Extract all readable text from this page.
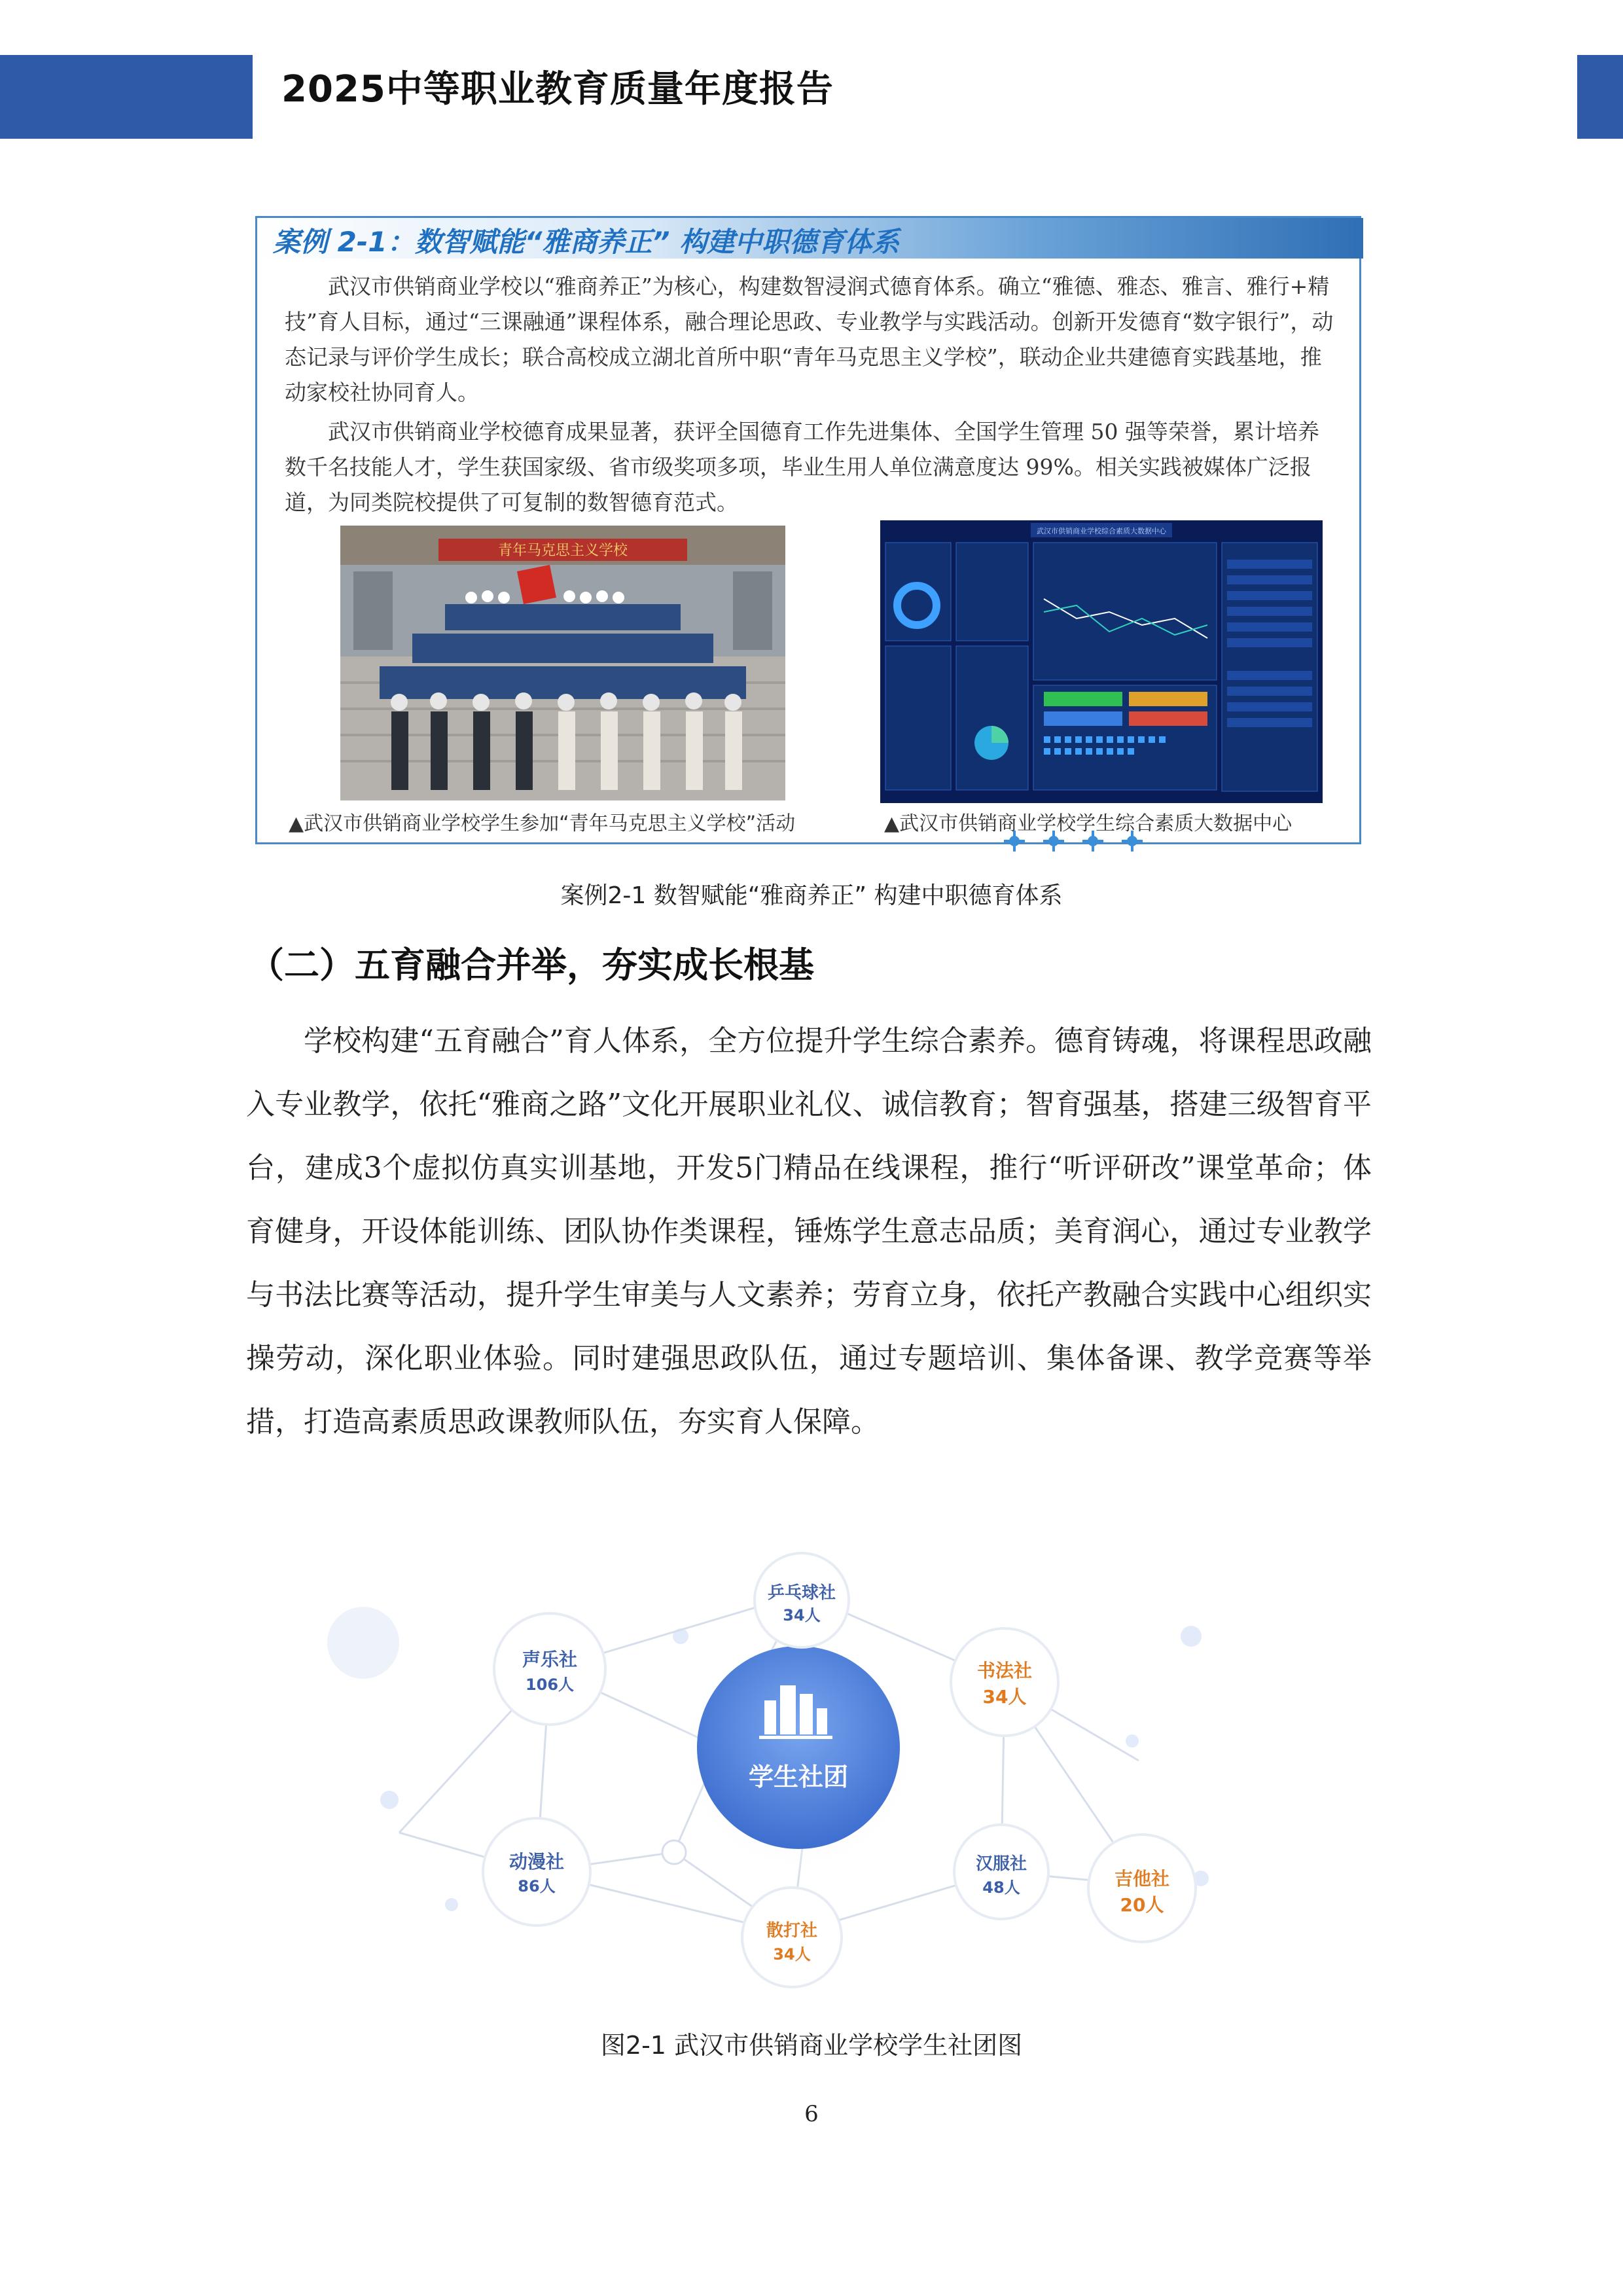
2025中等职业教育质量年度报告
案例 2-1：数智赋能“雅商养正” 构建中职德育体系

武汉市供销商业学校以“雅商养正”为核心，构建数智浸润式德育体系。确立“雅德、雅态、雅言、雅行+精技”育人目标，通过“三课融通”课程体系，融合理论思政、专业教学与实践活动。创新开发德育“数字银行”，动态记录与评价学生成长；联合高校成立湖北首所中职“青年马克思主义学校”，联动企业共建德育实践基地，推动家校社协同育人。

武汉市供销商业学校德育成果显著，获评全国德育工作先进集体、全国学生管理 50 强等荣誉，累计培养数千名技能人才，学生获国家级、省市级奖项多项，毕业生用人单位满意度达 99%。相关实践被媒体广泛报道，为同类院校提供了可复制的数智德育范式。

青年马克思主义学校
武汉市供销商业学校综合素质大数据中心
▲武汉市供销商业学校学生参加“青年马克思主义学校”活动	▲武汉市供销商业学校学生综合素质大数据中心
案例2-1 数智赋能“雅商养正” 构建中职德育体系
（二）五育融合并举，夯实成长根基

学校构建“五育融合”育人体系，全方位提升学生综合素养。德育铸魂，将课程思政融入专业教学，依托“雅商之路”文化开展职业礼仪、诚信教育；智育强基，搭建三级智育平台，建成3个虚拟仿真实训基地，开发5门精品在线课程，推行“听评研改”课堂革命；体育健身，开设体能训练、团队协作类课程，锤炼学生意志品质；美育润心，通过专业教学与书法比赛等活动，提升学生审美与人文素养；劳育立身，依托产教融合实践中心组织实操劳动，深化职业体验。同时建强思政队伍，通过专题培训、集体备课、教学竞赛等举措，打造高素质思政课教师队伍，夯实育人保障。

学生社团
声乐社
106人
乒乓球社
34人
书法社
34人
汉服社
48人	吉他社
20人
散打社
34人
动漫社
86人
图2-1 武汉市供销商业学校学生社团图
6
